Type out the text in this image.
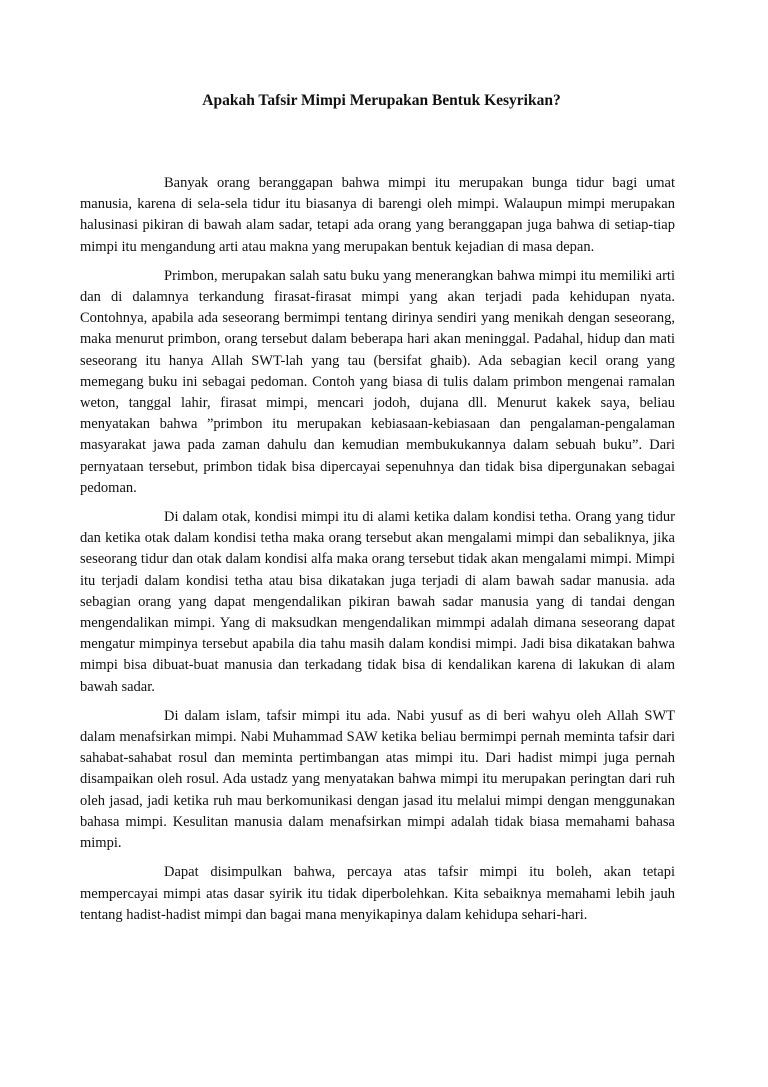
Apakah Tafsir Mimpi Merupakan Bentuk Kesyrikan?

Banyak orang beranggapan bahwa mimpi itu merupakan bunga tidur bagi umat manusia, karena di sela-sela tidur itu biasanya di barengi oleh mimpi. Walaupun mimpi merupakan halusinasi pikiran di bawah alam sadar, tetapi ada orang yang beranggapan juga bahwa di setiap-tiap mimpi itu mengandung arti atau makna yang merupakan bentuk kejadian di masa depan.

Primbon, merupakan salah satu buku yang menerangkan bahwa mimpi itu memiliki arti dan di dalamnya terkandung firasat-firasat mimpi yang akan terjadi pada kehidupan nyata. Contohnya, apabila ada seseorang bermimpi tentang dirinya sendiri yang menikah dengan seseorang, maka menurut primbon, orang tersebut dalam beberapa hari akan meninggal. Padahal, hidup dan mati seseorang itu hanya Allah SWT-lah yang tau (bersifat ghaib). Ada sebagian kecil orang yang memegang buku ini sebagai pedoman. Contoh yang biasa di tulis dalam primbon mengenai ramalan weton, tanggal lahir, firasat mimpi, mencari jodoh, dujana dll. Menurut kakek saya, beliau menyatakan bahwa ”primbon itu merupakan kebiasaan-kebiasaan dan pengalaman-pengalaman masyarakat jawa pada zaman dahulu dan kemudian membukukannya dalam sebuah buku”. Dari pernyataan tersebut, primbon tidak bisa dipercayai sepenuhnya dan tidak bisa dipergunakan sebagai pedoman.

Di dalam otak, kondisi mimpi itu di alami ketika dalam kondisi tetha. Orang yang tidur dan ketika otak dalam kondisi tetha maka orang tersebut akan mengalami mimpi dan sebaliknya, jika seseorang tidur dan otak dalam kondisi alfa maka orang tersebut tidak akan mengalami mimpi. Mimpi itu terjadi dalam kondisi tetha atau bisa dikatakan juga terjadi di alam bawah sadar manusia. ada sebagian orang yang dapat mengendalikan pikiran bawah sadar manusia yang di tandai dengan mengendalikan mimpi. Yang di maksudkan mengendalikan mimmpi adalah dimana seseorang dapat mengatur mimpinya tersebut apabila dia tahu masih dalam kondisi mimpi. Jadi bisa dikatakan bahwa mimpi bisa dibuat-buat manusia dan terkadang tidak bisa di kendalikan karena di lakukan di alam bawah sadar.

Di dalam islam, tafsir mimpi itu ada. Nabi yusuf as di beri wahyu oleh Allah SWT dalam menafsirkan mimpi. Nabi Muhammad SAW ketika beliau bermimpi pernah meminta tafsir dari sahabat-sahabat rosul dan meminta pertimbangan atas mimpi itu. Dari hadist mimpi juga pernah disampaikan oleh rosul. Ada ustadz yang menyatakan bahwa mimpi itu merupakan peringtan dari ruh oleh jasad, jadi ketika ruh mau berkomunikasi dengan jasad itu melalui mimpi dengan menggunakan bahasa mimpi. Kesulitan manusia dalam menafsirkan mimpi adalah tidak biasa memahami bahasa mimpi.

Dapat disimpulkan bahwa, percaya atas tafsir mimpi itu boleh, akan tetapi mempercayai mimpi atas dasar syirik itu tidak diperbolehkan. Kita sebaiknya memahami lebih jauh tentang hadist-hadist mimpi dan bagai mana menyikapinya dalam kehidupa sehari-hari.
